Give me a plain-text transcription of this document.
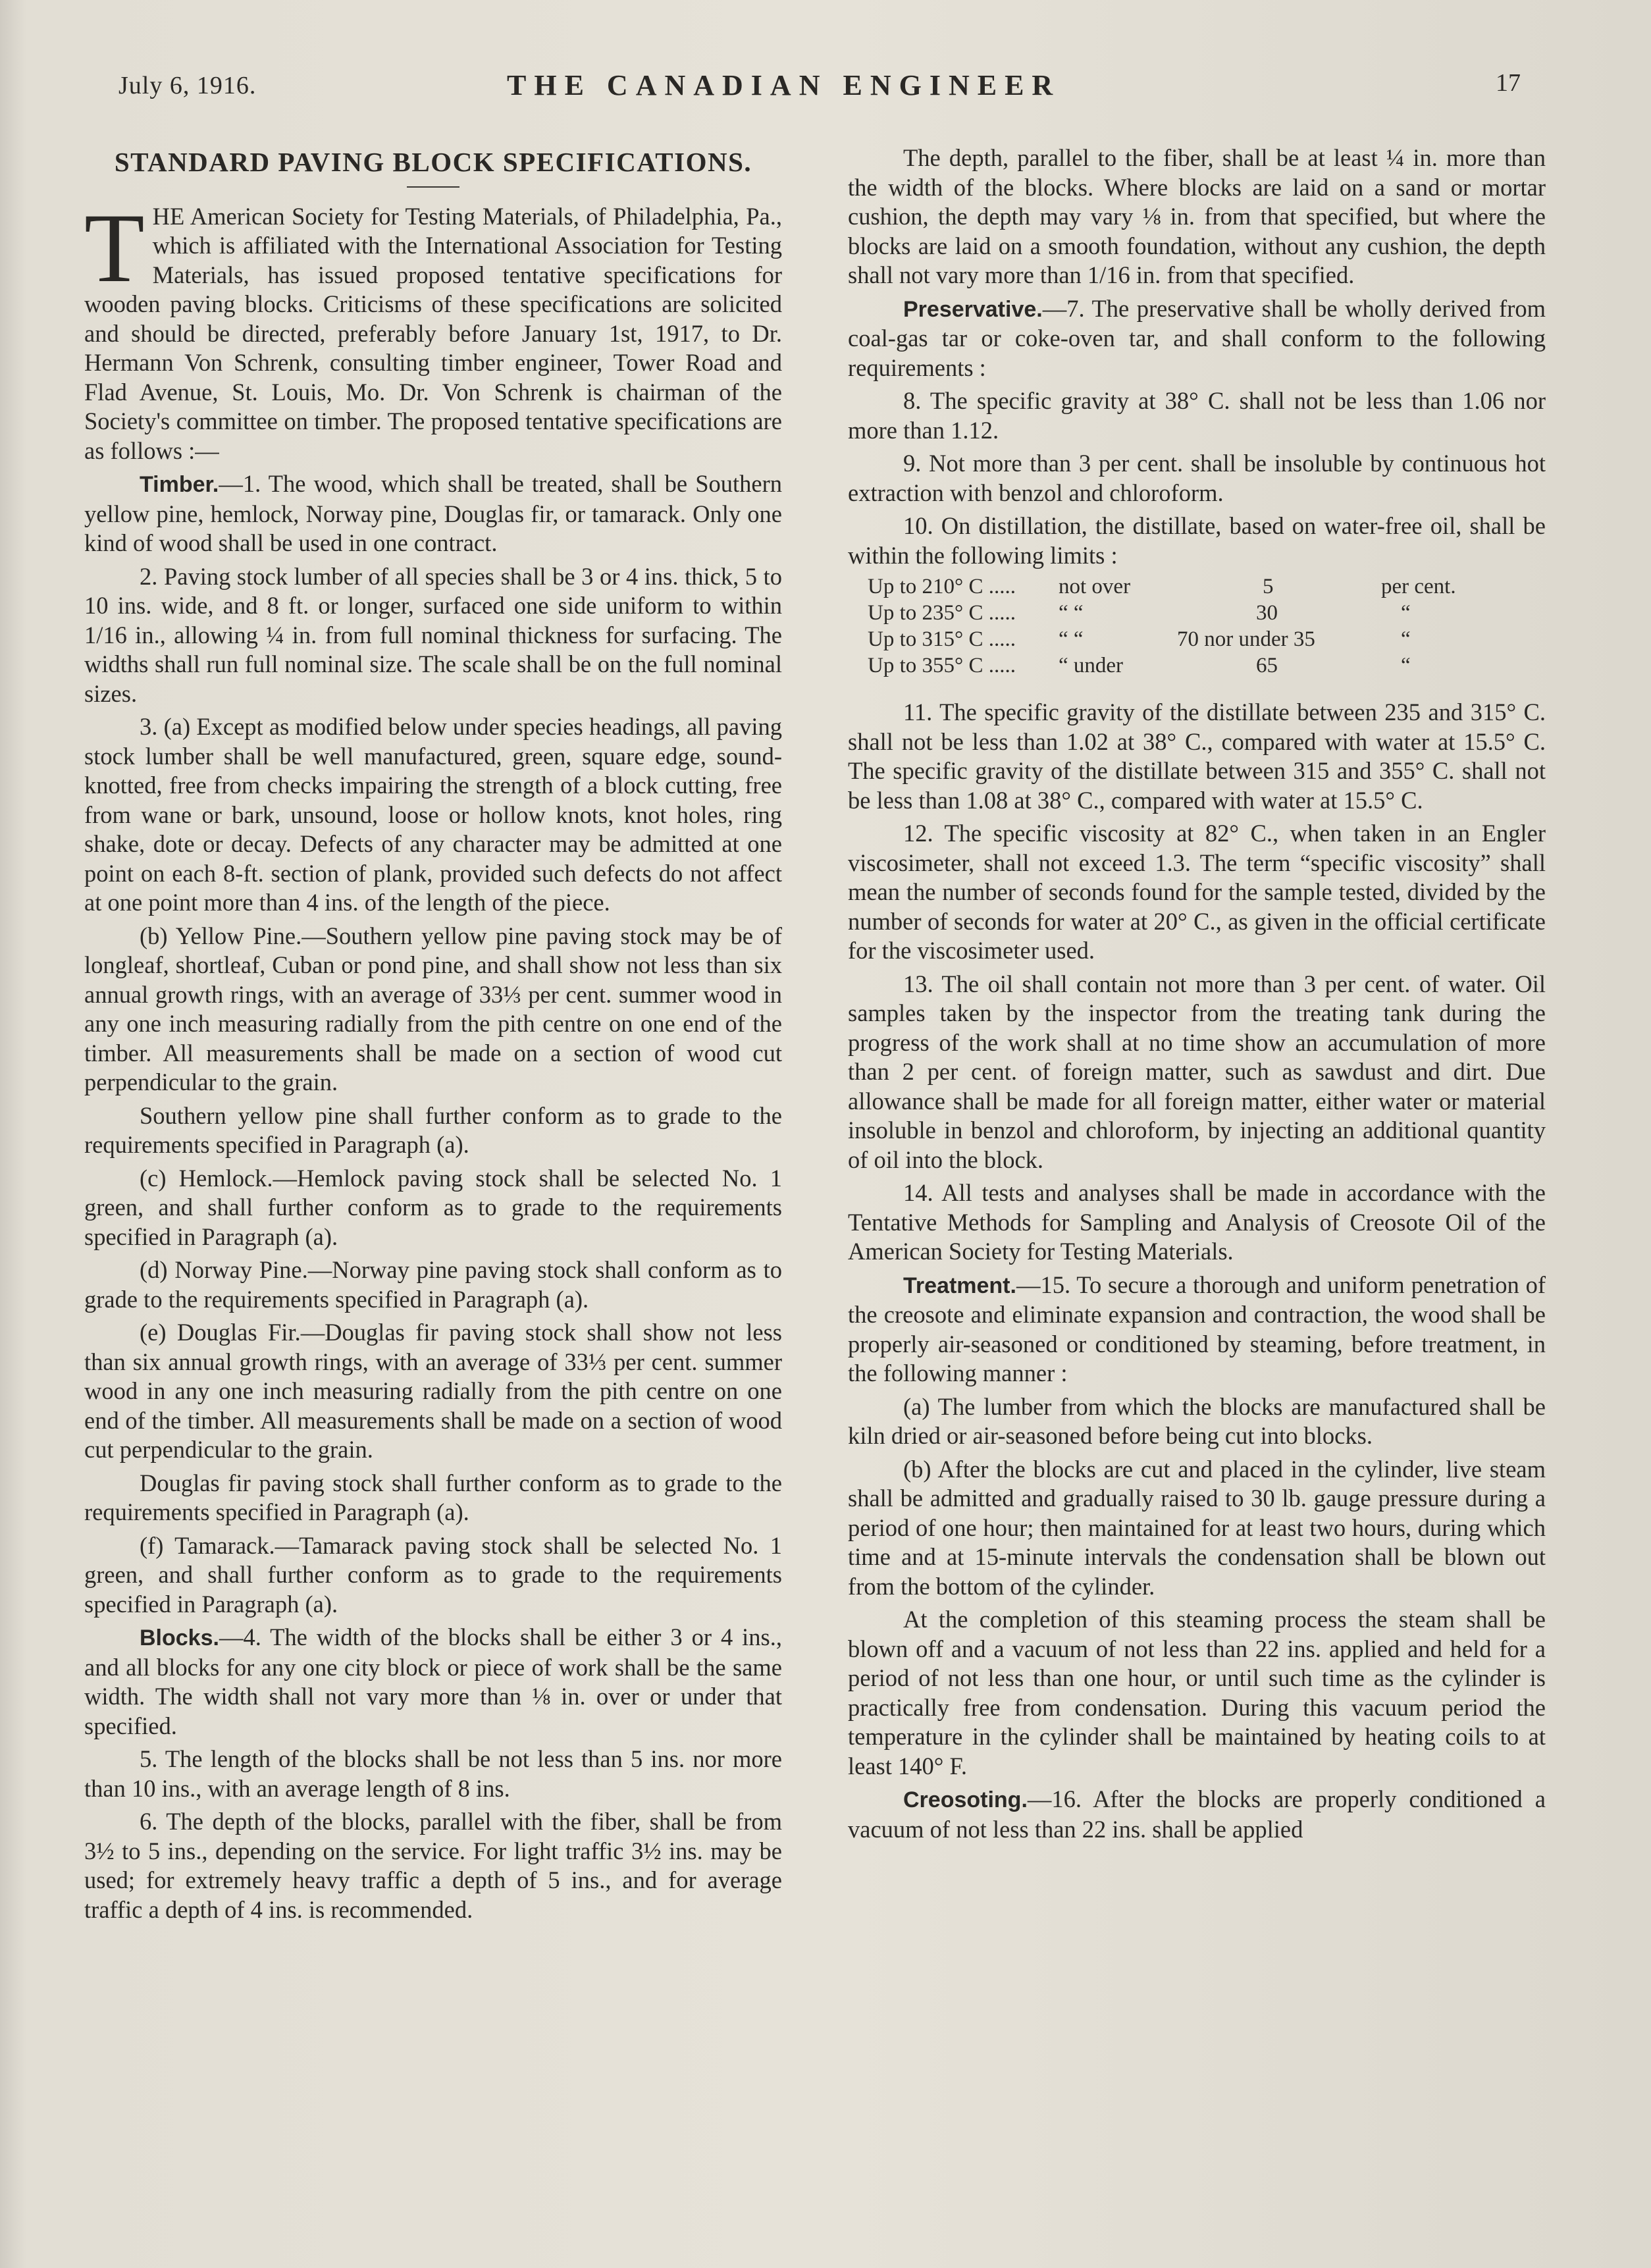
July 6, 1916.	THE CANADIAN ENGINEER	17
STANDARD PAVING BLOCK SPECIFICATIONS.

THE American Society for Testing Materials, of Philadelphia, Pa., which is affiliated with the International Association for Testing Materials, has issued proposed tentative specifications for wooden paving blocks. Criticisms of these specifications are solicited and should be directed, preferably before January 1st, 1917, to Dr. Hermann Von Schrenk, consulting timber engineer, Tower Road and Flad Avenue, St. Louis, Mo. Dr. Von Schrenk is chairman of the Society's committee on timber. The proposed tentative specifications are as follows :—

Timber.—1. The wood, which shall be treated, shall be Southern yellow pine, hemlock, Norway pine, Douglas fir, or tamarack. Only one kind of wood shall be used in one contract.

2. Paving stock lumber of all species shall be 3 or 4 ins. thick, 5 to 10 ins. wide, and 8 ft. or longer, surfaced one side uniform to within 1/16 in., allowing ¼ in. from full nominal thickness for surfacing. The widths shall run full nominal size. The scale shall be on the full nominal sizes.

3. (a) Except as modified below under species headings, all paving stock lumber shall be well manufactured, green, square edge, sound-knotted, free from checks impairing the strength of a block cutting, free from wane or bark, unsound, loose or hollow knots, knot holes, ring shake, dote or decay. Defects of any character may be admitted at one point on each 8-ft. section of plank, provided such defects do not affect at one point more than 4 ins. of the length of the piece.

(b) Yellow Pine.—Southern yellow pine paving stock may be of longleaf, shortleaf, Cuban or pond pine, and shall show not less than six annual growth rings, with an average of 33⅓ per cent. summer wood in any one inch measuring radially from the pith centre on one end of the timber. All measurements shall be made on a section of wood cut perpendicular to the grain.

Southern yellow pine shall further conform as to grade to the requirements specified in Paragraph (a).

(c) Hemlock.—Hemlock paving stock shall be selected No. 1 green, and shall further conform as to grade to the requirements specified in Paragraph (a).

(d) Norway Pine.—Norway pine paving stock shall conform as to grade to the requirements specified in Paragraph (a).

(e) Douglas Fir.—Douglas fir paving stock shall show not less than six annual growth rings, with an average of 33⅓ per cent. summer wood in any one inch measuring radially from the pith centre on one end of the timber. All measurements shall be made on a section of wood cut perpendicular to the grain.

Douglas fir paving stock shall further conform as to grade to the requirements specified in Paragraph (a).

(f) Tamarack.—Tamarack paving stock shall be selected No. 1 green, and shall further conform as to grade to the requirements specified in Paragraph (a).

Blocks.—4. The width of the blocks shall be either 3 or 4 ins., and all blocks for any one city block or piece of work shall be the same width. The width shall not vary more than ⅛ in. over or under that specified.

5. The length of the blocks shall be not less than 5 ins. nor more than 10 ins., with an average length of 8 ins.

6. The depth of the blocks, parallel with the fiber, shall be from 3½ to 5 ins., depending on the service. For light traffic 3½ ins. may be used; for extremely heavy traffic a depth of 5 ins., and for average traffic a depth of 4 ins. is recommended.

The depth, parallel to the fiber, shall be at least ¼ in. more than the width of the blocks. Where blocks are laid on a sand or mortar cushion, the depth may vary ⅛ in. from that specified, but where the blocks are laid on a smooth foundation, without any cushion, the depth shall not vary more than 1/16 in. from that specified.

Preservative.—7. The preservative shall be wholly derived from coal-gas tar or coke-oven tar, and shall conform to the following requirements :

8. The specific gravity at 38° C. shall not be less than 1.06 nor more than 1.12.

9. Not more than 3 per cent. shall be insoluble by continuous hot extraction with benzol and chloroform.

10. On distillation, the distillate, based on water-free oil, shall be within the following limits :

Up to 210° C ..... not over	5	per cent.
Up to 235° C ..... “ “	30	“
Up to 315° C ..... “ “	70 nor under 35	“
Up to 355° C ..... “ under	65	“

11. The specific gravity of the distillate between 235 and 315° C. shall not be less than 1.02 at 38° C., compared with water at 15.5° C. The specific gravity of the distillate between 315 and 355° C. shall not be less than 1.08 at 38° C., compared with water at 15.5° C.

12. The specific viscosity at 82° C., when taken in an Engler viscosimeter, shall not exceed 1.3. The term “specific viscosity” shall mean the number of seconds found for the sample tested, divided by the number of seconds for water at 20° C., as given in the official certificate for the viscosimeter used.

13. The oil shall contain not more than 3 per cent. of water. Oil samples taken by the inspector from the treating tank during the progress of the work shall at no time show an accumulation of more than 2 per cent. of foreign matter, such as sawdust and dirt. Due allowance shall be made for all foreign matter, either water or material insoluble in benzol and chloroform, by injecting an additional quantity of oil into the block.

14. All tests and analyses shall be made in accordance with the Tentative Methods for Sampling and Analysis of Creosote Oil of the American Society for Testing Materials.

Treatment.—15. To secure a thorough and uniform penetration of the creosote and eliminate expansion and contraction, the wood shall be properly air-seasoned or conditioned by steaming, before treatment, in the following manner :

(a) The lumber from which the blocks are manufactured shall be kiln dried or air-seasoned before being cut into blocks.

(b) After the blocks are cut and placed in the cylinder, live steam shall be admitted and gradually raised to 30 lb. gauge pressure during a period of one hour; then maintained for at least two hours, during which time and at 15-minute intervals the condensation shall be blown out from the bottom of the cylinder.

At the completion of this steaming process the steam shall be blown off and a vacuum of not less than 22 ins. applied and held for a period of not less than one hour, or until such time as the cylinder is practically free from condensation. During this vacuum period the temperature in the cylinder shall be maintained by heating coils to at least 140° F.

Creosoting.—16. After the blocks are properly conditioned a vacuum of not less than 22 ins. shall be applied
